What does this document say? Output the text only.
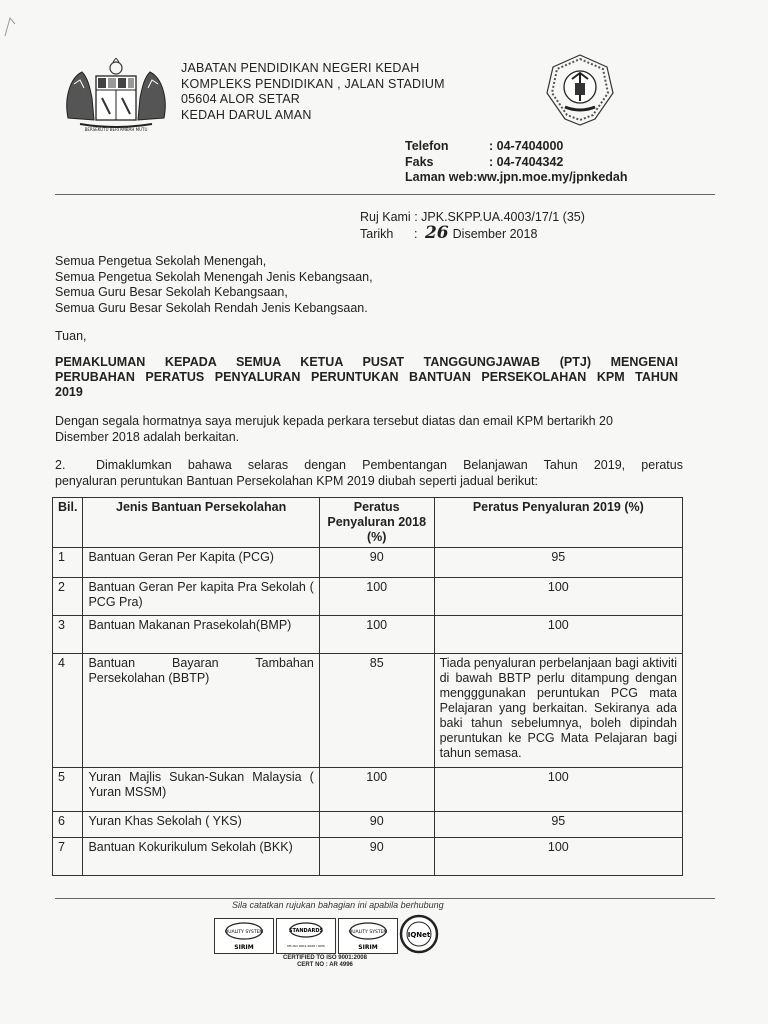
BERSEKUTU BERTAMBAH MUTU
JABATAN PENDIDIKAN NEGERI KEDAH
KOMPLEKS PENDIDIKAN , JALAN STADIUM
05604 ALOR SETAR
KEDAH DARUL AMAN
Telefon	: 04-7404000
Faks	: 04-7404342
Laman web:ww.jpn.moe.my/jpnkedah
Ruj Kami : JPK.SKPP.UA.4003/17/1 (35)
Tarikh : 26 Disember 2018
Semua Pengetua Sekolah Menengah,
Semua Pengetua Sekolah Menengah Jenis Kebangsaan,
Semua Guru Besar Sekolah Kebangsaan,
Semua Guru Besar Sekolah Rendah Jenis Kebangsaan.
Tuan,
PEMAKLUMAN KEPADA SEMUA KETUA PUSAT TANGGUNGJAWAB (PTJ) MENGENAI
PERUBAHAN PERATUS PENYALURAN PERUNTUKAN BANTUAN PERSEKOLAHAN KPM TAHUN
2019
Dengan segala hormatnya saya merujuk kepada perkara tersebut diatas dan email KPM bertarikh 20
Disember 2018 adalah berkaitan.
2. Dimaklumkan bahawa selaras dengan Pembentangan Belanjawan Tahun 2019, peratus
penyaluran peruntukan Bantuan Persekolahan KPM 2019 diubah seperti jadual berikut:
Bil.	Jenis Bantuan Persekolahan	Peratus Penyaluran 2018 (%)	Peratus Penyaluran 2019 (%)
1	Bantuan Geran Per Kapita (PCG)	90	95
2	Bantuan Geran Per kapita Pra Sekolah ( PCG Pra)	100	100
3	Bantuan Makanan Prasekolah(BMP)	100	100
4	Bantuan Bayaran Tambahan Persekolahan (BBTP)	85	Tiada penyaluran perbelanjaan bagi aktiviti di bawah BBTP perlu ditampung dengan mengggunakan peruntukan PCG mata Pelajaran yang berkaitan. Sekiranya ada baki tahun sebelumnya, boleh dipindah peruntukan ke PCG Mata Pelajaran bagi tahun semasa.
5	Yuran Majlis Sukan-Sukan Malaysia ( Yuran MSSM)	100	100
6	Yuran Khas Sekolah ( YKS)	90	95
7	Bantuan Kokurikulum Sekolah (BKK)	90	100
Sila catatkan rujukan bahagian ini apabila berhubung
QUALITY SYSTEM
SIRIM
STANDARDS
MS ISO 9001:2008 / QMS
QUALITY SYSTEM
SIRIM
IQNet
CERTIFIED TO ISO 9001:2008
CERT NO : AR 4996
